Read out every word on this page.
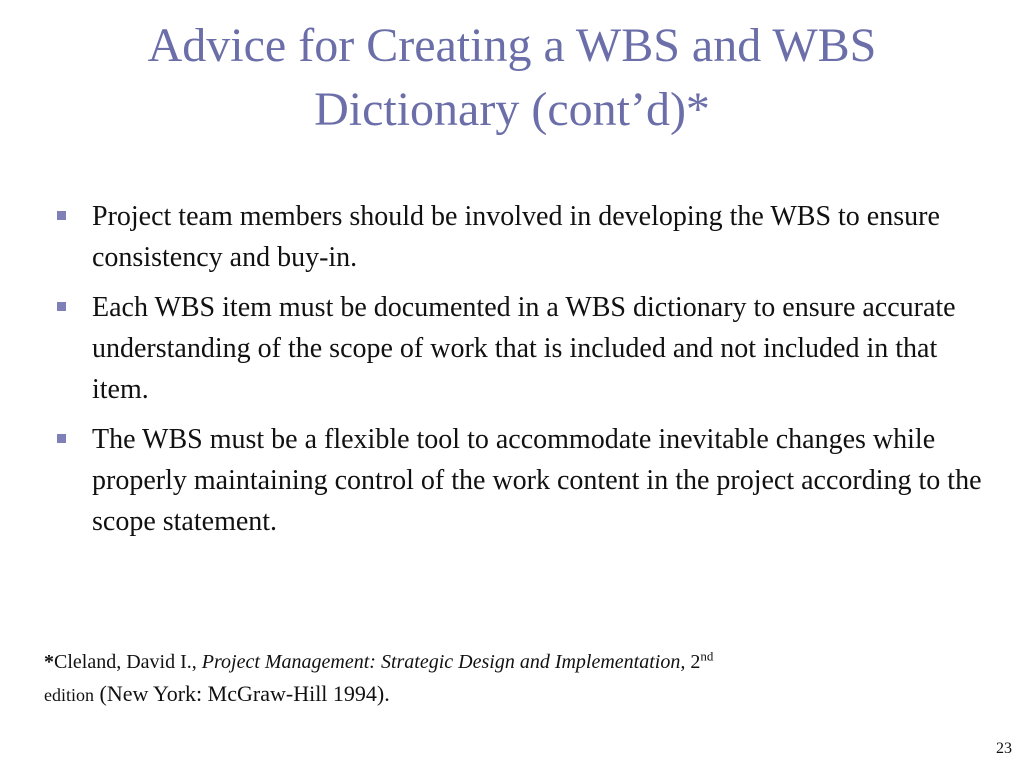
Advice for Creating a WBS and WBS
Dictionary (cont’d)*
Project team members should be involved in developing the WBS to ensure consistency and buy-in.
Each WBS item must be documented in a WBS dictionary to ensure accurate understanding of the scope of work that is included and not included in that item.
The WBS must be a flexible tool to accommodate inevitable changes while properly maintaining control of the work content in the project according to the scope statement.
*Cleland, David I., Project Management: Strategic Design and Implementation, 2nd
edition (New York: McGraw-Hill 1994).
23
